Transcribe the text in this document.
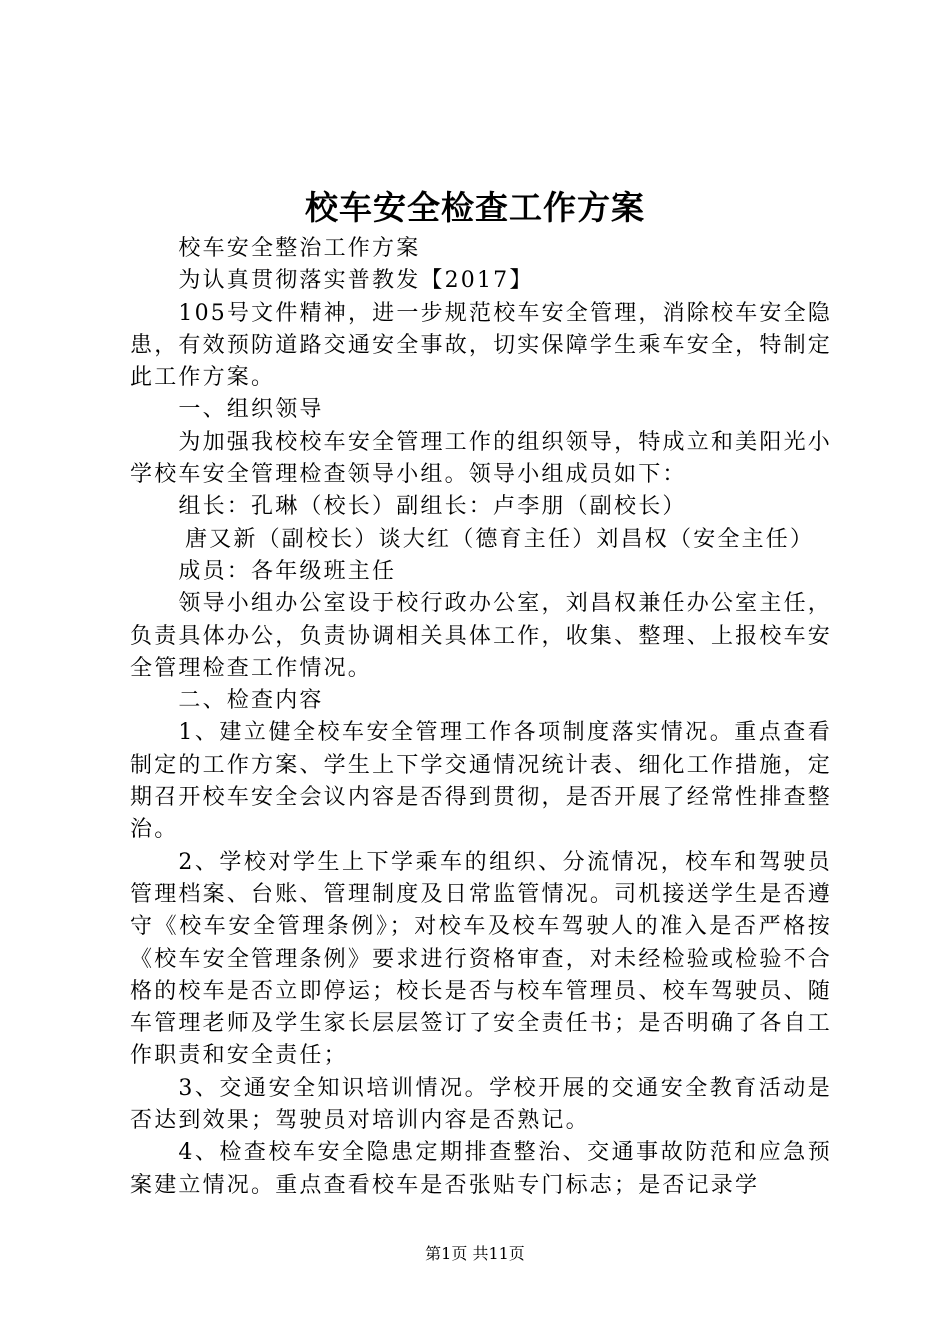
校车安全检查工作方案

校车安全整治工作方案

为认真贯彻落实普教发【2017】

105号文件精神，进一步规范校车安全管理，消除校车安全隐患，有效预防道路交通安全事故，切实保障学生乘车安全，特制定此工作方案。

一、组织领导

为加强我校校车安全管理工作的组织领导，特成立和美阳光小学校车安全管理检查领导小组。领导小组成员如下：

组长：孔琳（校长）副组长：卢李朋（副校长）

唐又新（副校长）谈大红（德育主任）刘昌权（安全主任）

成员：各年级班主任

领导小组办公室设于校行政办公室，刘昌权兼任办公室主任，负责具体办公，负责协调相关具体工作，收集、整理、上报校车安全管理检查工作情况。

二、检查内容

1、建立健全校车安全管理工作各项制度落实情况。重点查看制定的工作方案、学生上下学交通情况统计表、细化工作措施，定期召开校车安全会议内容是否得到贯彻，是否开展了经常性排查整治。

2、学校对学生上下学乘车的组织、分流情况，校车和驾驶员管理档案、台账、管理制度及日常监管情况。司机接送学生是否遵守《校车安全管理条例》；对校车及校车驾驶人的准入是否严格按《校车安全管理条例》要求进行资格审查，对未经检验或检验不合格的校车是否立即停运；校长是否与校车管理员、校车驾驶员、随车管理老师及学生家长层层签订了安全责任书；是否明确了各自工作职责和安全责任；

3、交通安全知识培训情况。学校开展的交通安全教育活动是否达到效果；驾驶员对培训内容是否熟记。

4、检查校车安全隐患定期排查整治、交通事故防范和应急预案建立情况。重点查看校车是否张贴专门标志；是否记录学

第1页 共11页
